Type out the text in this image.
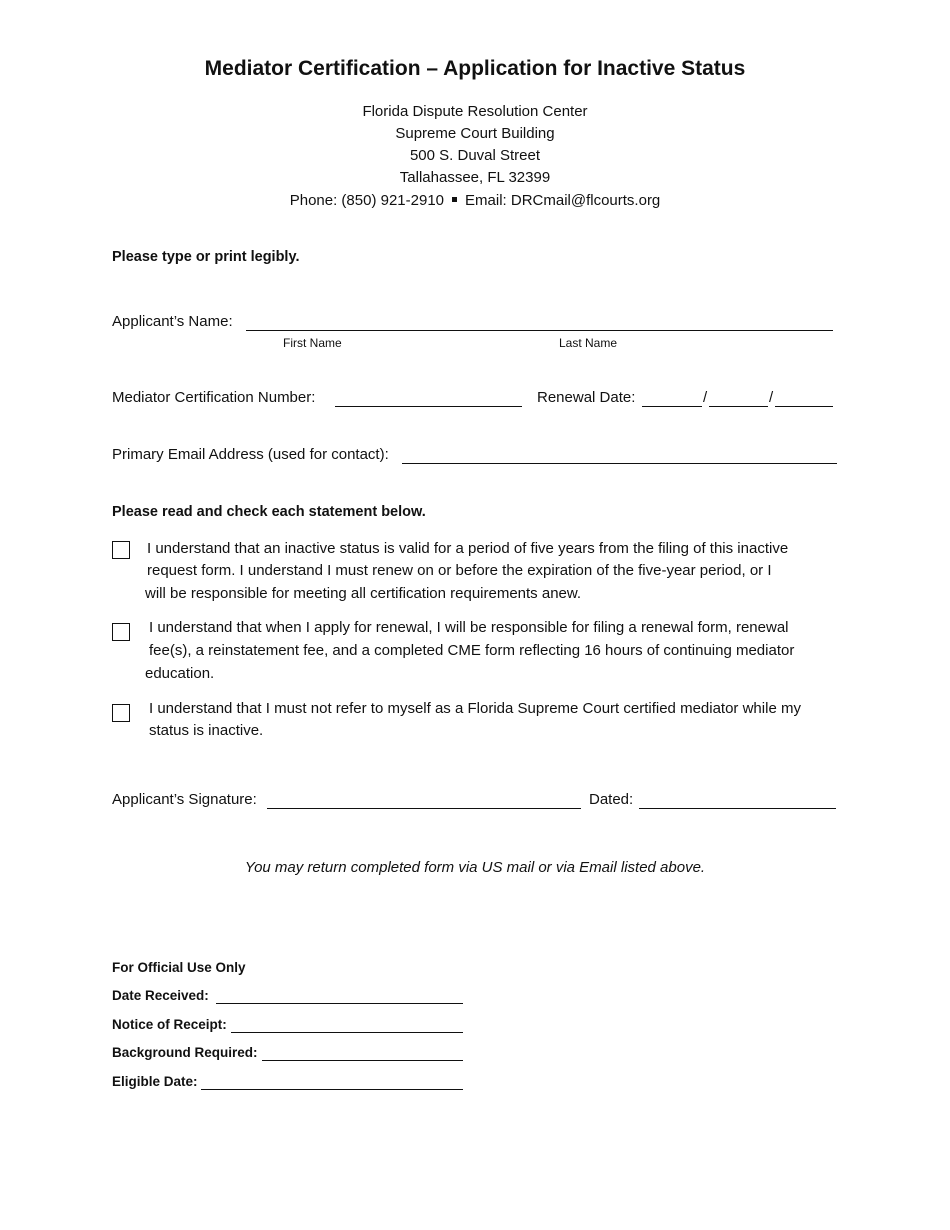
Mediator Certification – Application for Inactive Status
Florida Dispute Resolution Center
Supreme Court Building
500 S. Duval Street
Tallahassee, FL 32399
Phone: (850) 921-2910 Email: DRCmail@flcourts.org
Please type or print legibly.
Applicant’s Name:
First Name	Last Name
Mediator Certification Number:	Renewal Date:	/	/
Primary Email Address (used for contact):
Please read and check each statement below.
I understand that an inactive status is valid for a period of five years from the filing of this inactive
request form. I understand I must renew on or before the expiration of the five-year period, or I
will be responsible for meeting all certification requirements anew.
I understand that when I apply for renewal, I will be responsible for filing a renewal form, renewal
fee(s), a reinstatement fee, and a completed CME form reflecting 16 hours of continuing mediator
education.
I understand that I must not refer to myself as a Florida Supreme Court certified mediator while my
status is inactive.
Applicant’s Signature:	Dated:
You may return completed form via US mail or via Email listed above.
For Official Use Only
Date Received:
Notice of Receipt:
Background Required:
Eligible Date:
